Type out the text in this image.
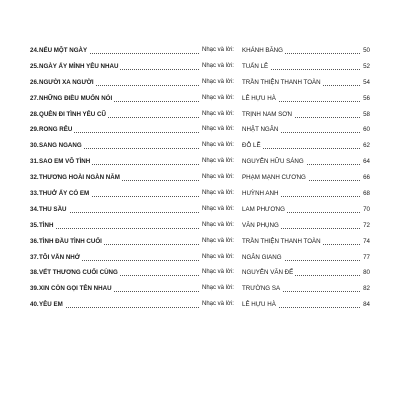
24. NẾU MỘT NGÀY	Nhạc và lời: KHÁNH BĂNG	50
25. NGÀY ẤY MÌNH YÊU NHAU	Nhạc và lời: TUẤN LÊ	52
26. NGƯỜI XA NGƯỜI	Nhạc và lời: TRẦN THIỆN THANH TOÀN	54
27. NHỮNG ĐIỀU MUỐN NÓI	Nhạc và lời: LÊ HỰU HÀ	56
28. QUÊN ĐI TÌNH YÊU CŨ	Nhạc và lời: TRỊNH NAM SƠN	58
29. RONG RÊU	Nhạc và lời: NHẬT NGÂN	60
30. SANG NGANG	Nhạc và lời: ĐỖ LỄ	62
31. SAO EM VÔ TÌNH	Nhạc và lời: NGUYỄN HỮU SÁNG	64
32. THƯƠNG HOÀI NGÀN NĂM	Nhạc và lời: PHẠM MẠNH CƯƠNG	66
33. THUỞ ẤY CÓ EM	Nhạc và lời: HUỲNH ANH	68
34. THU SẦU	Nhạc và lời: LAM PHƯƠNG	70
35. TÌNH	Nhạc và lời: VĂN PHỤNG	72
36. TÌNH ĐẦU TÌNH CUỐI	Nhạc và lời: TRẦN THIỆN THANH TOÀN	74
37. TÔI VẪN NHỚ	Nhạc và lời: NGÂN GIANG	77
38. VẾT THƯƠNG CUỐI CÙNG	Nhạc và lời: NGUYỄN VĂN ĐỂ	80
39. XIN CÒN GỌI TÊN NHAU	Nhạc và lời: TRƯỜNG SA	82
40. YÊU EM	Nhạc và lời: LÊ HỰU HÀ	84
